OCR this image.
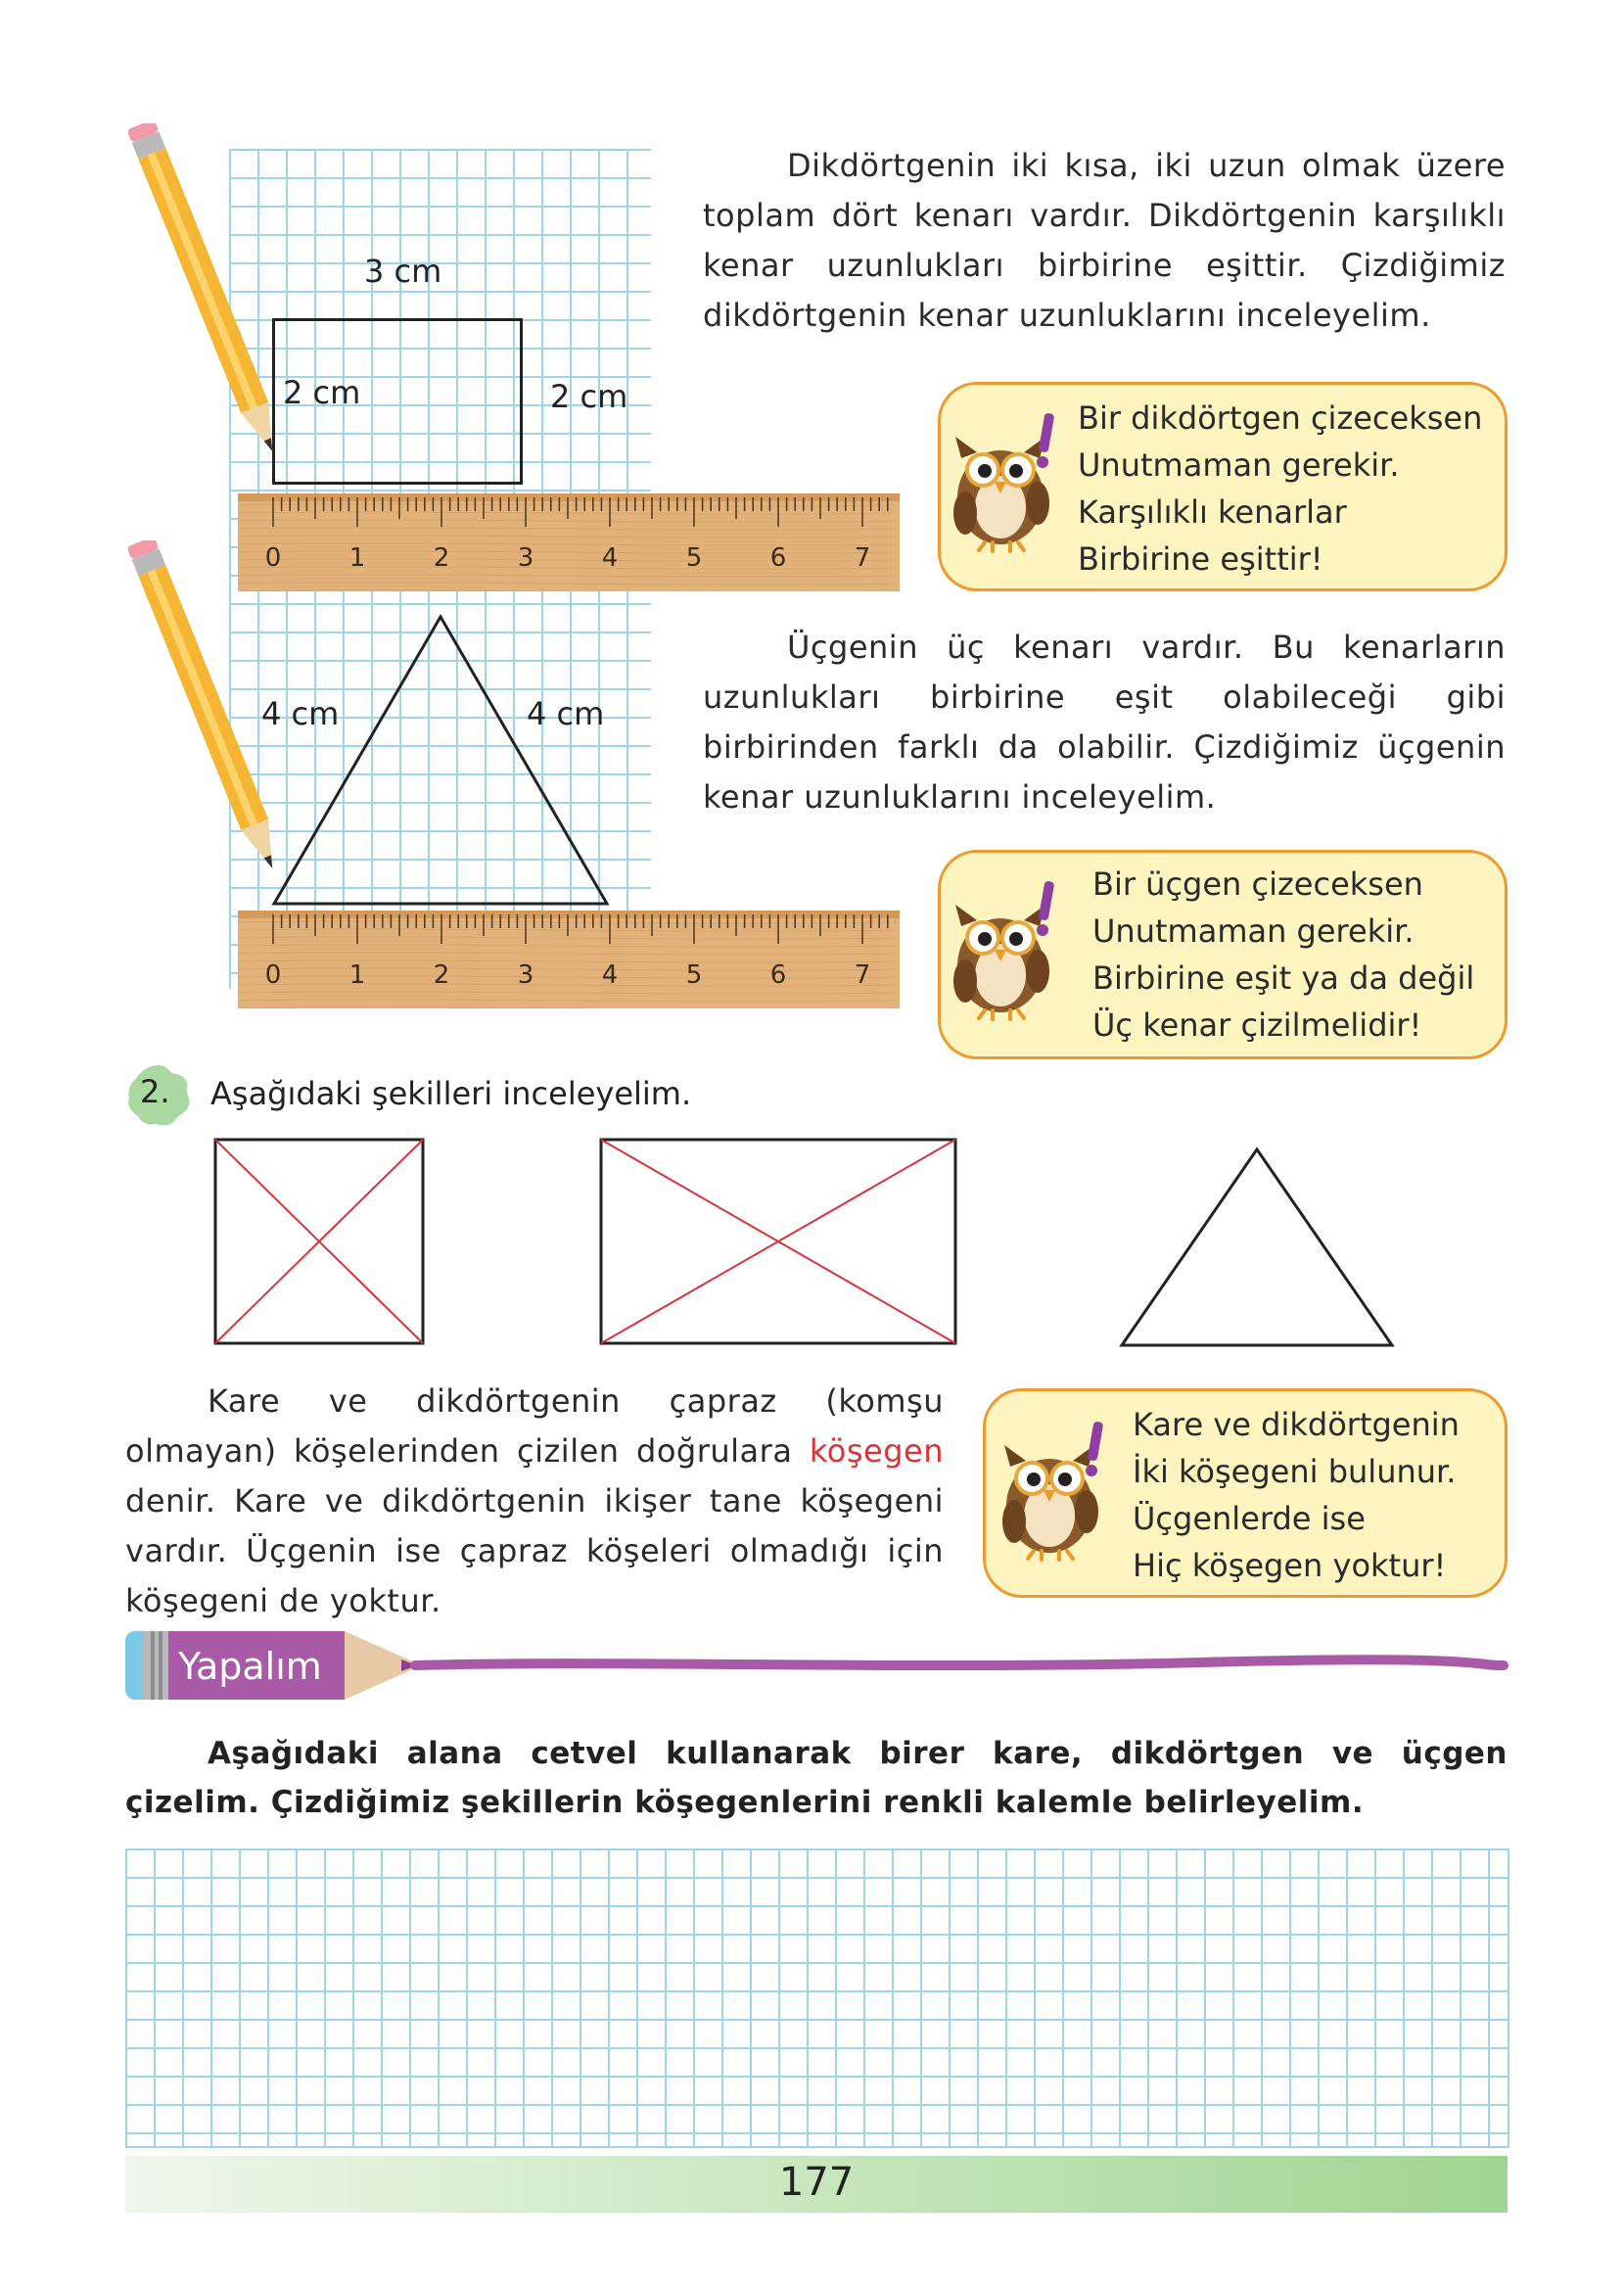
3 cm
2 cm	2 cm
4 cm	4 cm
0	1	2	3	4	5	6	7
0	1	2	3	4	5	6	7

Dikdörtgenin iki kısa, iki uzun olmak üzere toplam dört kenarı vardır. Dikdörtgenin karşılıklı kenar uzunlukları birbirine eşittir. Çizdiğimiz dikdörtgenin kenar uzunluklarını inceleyelim.

Bir dikdörtgen çizeceksen
Unutmaman gerekir.
Karşılıklı kenarlar
Birbirine eşittir!

Üçgenin üç kenarı vardır. Bu kenarların uzunlukları birbirine eşit olabileceği gibi birbirinden farklı da olabilir. Çizdiğimiz üçgenin kenar uzunluklarını inceleyelim.

Bir üçgen çizeceksen
Unutmaman gerekir.
Birbirine eşit ya da değil
Üç kenar çizilmelidir!
2. Aşağıdaki şekilleri inceleyelim.

Kare ve dikdörtgenin çapraz (komşu olmayan) köşelerinden çizilen doğrulara köşegen denir. Kare ve dikdörtgenin ikişer tane köşegeni vardır. Üçgenin ise çapraz köşeleri olmadığı için köşegeni de yoktur.

Kare ve dikdörtgenin
İki köşegeni bulunur.
Üçgenlerde ise
Hiç köşegen yoktur!
Yapalım

Aşağıdaki alana cetvel kullanarak birer kare, dikdörtgen ve üçgen çizelim. Çizdiğimiz şekillerin köşegenlerini renkli kalemle belirleyelim.

177
